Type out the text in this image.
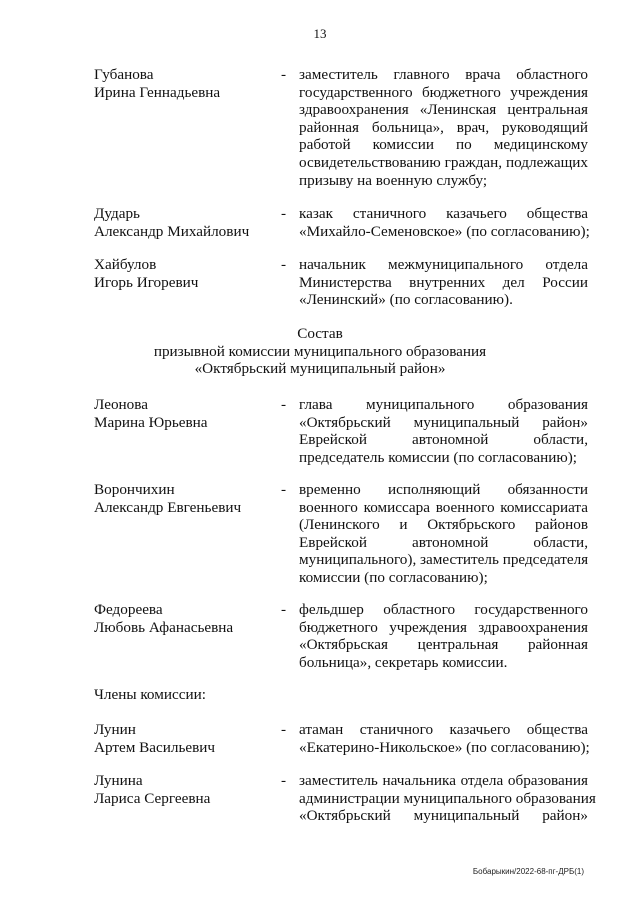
13
Губанова
Ирина Геннадьевна
- заместитель главного врача областного
государственного бюджетного учреждения
здравоохранения «Ленинская центральная
районная больница», врач, руководящий
работой комиссии по медицинскому
освидетельствованию граждан, подлежащих
призыву на военную службу;
Дударь
Александр Михайлович
- казак станичного казачьего общества
«Михайло-Семеновское» (по согласованию);
Хайбулов
Игорь Игоревич
- начальник межмуниципального отдела
Министерства внутренних дел России
«Ленинский» (по согласованию).
Состав
призывной комиссии муниципального образования
«Октябрьский муниципальный район»
Леонова
Марина Юрьевна
- глава муниципального образования
«Октябрьский муниципальный район»
Еврейской автономной области,
председатель комиссии (по согласованию);
Ворончихин
Александр Евгеньевич
- временно исполняющий обязанности
военного комиссара военного комиссариата
(Ленинского и Октябрьского районов
Еврейской автономной области,
муниципального), заместитель председателя
комиссии (по согласованию);
Федореева
Любовь Афанасьевна
- фельдшер областного государственного
бюджетного учреждения здравоохранения
«Октябрьская центральная районная
больница», секретарь комиссии.
Члены комиссии:
Лунин
Артем Васильевич
- атаман станичного казачьего общества
«Екатерино-Никольское» (по согласованию);
Лунина
Лариса Сергеевна
- заместитель начальника отдела образования
администрации муниципального образования
«Октябрьский муниципальный район»
Бобарыкин/2022-68-пг-ДРБ(1)
